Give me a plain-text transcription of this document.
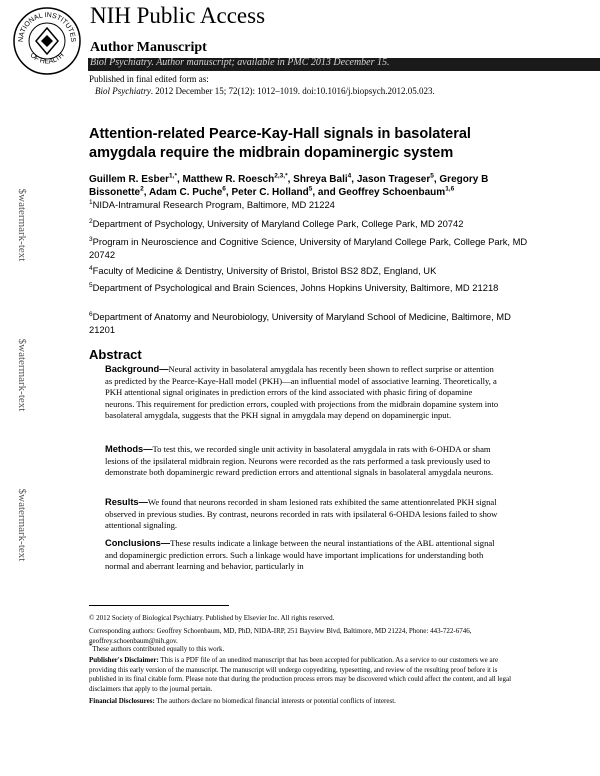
NATIONAL INSTITUTES
OF HEALTH
NIH Public Access
Author Manuscript
Biol Psychiatry. Author manuscript; available in PMC 2013 December 15.
Published in final edited form as:
Biol Psychiatry. 2012 December 15; 72(12): 1012–1019. doi:10.1016/j.biopsych.2012.05.023.
$watermark-text
$watermark-text
$watermark-text
Attention-related Pearce-Kay-Hall signals in basolateral amygdala require the midbrain dopaminergic system
Guillem R. Esber$^{1,*}$, Matthew R. Roesch$^{2,3,*}$, Shreya Bali$^4$, Jason Trageser$^5$, Gregory B Bissonette$^2$, Adam C. Puche$^6$, Peter C. Holland$^5$, and Geoffrey Schoenbaum$^{1,6}$
$^1$NIDA-Intramural Research Program, Baltimore, MD 21224
$^2$Department of Psychology, University of Maryland College Park, College Park, MD 20742
$^3$Program in Neuroscience and Cognitive Science, University of Maryland College Park, College Park, MD 20742
$^4$Faculty of Medicine & Dentistry, University of Bristol, Bristol BS2 8DZ, England, UK
$^5$Department of Psychological and Brain Sciences, Johns Hopkins University, Baltimore, MD 21218
$^6$Department of Anatomy and Neurobiology, University of Maryland School of Medicine, Baltimore, MD 21201
Abstract
Background—Neural activity in basolateral amygdala has recently been shown to reflect surprise or attention as predicted by the Pearce-Kaye-Hall model (PKH)—an influential model of associative learning. Theoretically, a PKH attentional signal originates in prediction errors of the kind associated with phasic firing of dopamine neurons. This requirement for prediction errors, coupled with projections from the midbrain dopamine system into basolateral amygdala, suggests that the PKH signal in amygdala may depend on dopaminergic input.
Methods—To test this, we recorded single unit activity in basolateral amygdala in rats with 6-OHDA or sham lesions of the ipsilateral midbrain region. Neurons were recorded as the rats performed a task previously used to demonstrate both dopaminergic reward prediction errors and attentional signals in basolateral amygdala neurons.
Results—We found that neurons recorded in sham lesioned rats exhibited the same attentionrelated PKH signal observed in previous studies. By contrast, neurons recorded in rats with ipsilateral 6-OHDA lesions failed to show attentional signaling.
Conclusions—These results indicate a linkage between the neural instantiations of the ABL attentional signal and dopaminergic prediction errors. Such a linkage would have important implications for understanding both normal and aberrant learning and behavior, particularly in
© 2012 Society of Biological Psychiatry. Published by Elsevier Inc. All rights reserved.
Corresponding authors: Geoffrey Schoenbaum, MD, PhD, NIDA-IRP, 251 Bayview Blvd, Baltimore, MD 21224, Phone: 443-722-6746, geoffrey.schoenbaum@nih.gov.
*These authors contributed equally to this work.
Publisher's Disclaimer: This is a PDF file of an unedited manuscript that has been accepted for publication. As a service to our customers we are providing this early version of the manuscript. The manuscript will undergo copyediting, typesetting, and review of the resulting proof before it is published in its final citable form. Please note that during the production process errors may be discovered which could affect the content, and all legal disclaimers that apply to the journal pertain.
Financial Disclosures: The authors declare no biomedical financial interests or potential conflicts of interest.
